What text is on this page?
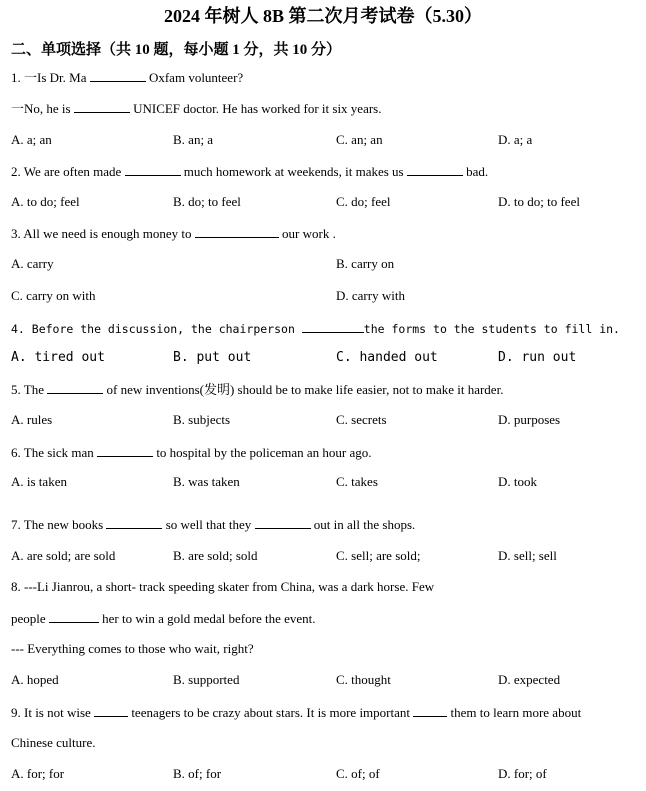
2024 年树人 8B 第二次月考试卷（5.30）
二、单项选择（共 10 题，每小题 1 分，共 10 分）
1. 一Is Dr. Ma	Oxfam volunteer?
一No, he is	UNICEF doctor. He has worked for it six years.
A. a; an	B. an; a	C. an; an	D. a; a
2. We are often made	much homework at weekends, it makes us	bad.
A. to do; feel	B. do; to feel	C. do; feel	D. to do; to feel
3. All we need is enough money to	our work .
A. carry	B. carry on
C. carry on with	D. carry with
4. Before the discussion, the chairperson	the forms to the students to fill in.
A. tired out	B. put out	C. handed out	D. run out
5. The	of new inventions(发明) should be to make life easier, not to make it harder.
A. rules	B. subjects	C. secrets	D. purposes
6. The sick man	to hospital by the policeman an hour ago.
A. is taken	B. was taken	C. takes	D. took
7. The new books	so well that they	out in all the shops.
A. are sold; are sold	B. are sold; sold	C. sell; are sold;	D. sell; sell
8. ---Li Jianrou, a short- track speeding skater from China, was a dark horse. Few
people	her to win a gold medal before the event.
--- Everything comes to those who wait, right?
A. hoped	B. supported	C. thought	D. expected
9. It is not wise	teenagers to be crazy about stars. It is more important	them to learn more about
Chinese culture.
A. for; for	B. of; for	C. of; of	D. for; of
